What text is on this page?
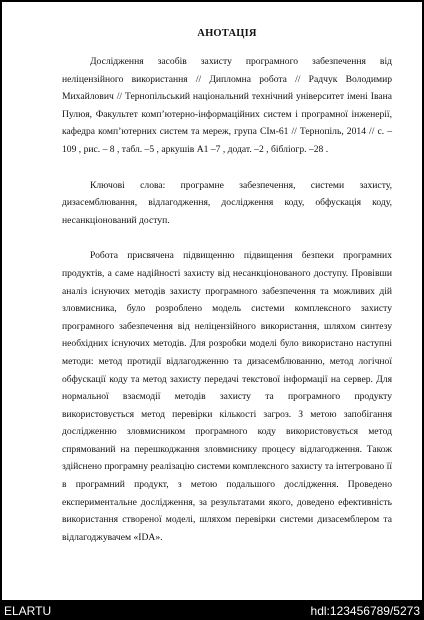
АНОТАЦІЯ

Дослідження засобів захисту програмного забезпечення від неліцензійного використання // Дипломна робота // Радчук Володимир Михайлович // Тернопільський національний технічний університет імені Івана Пулюя, Факультет комп’ютерно-інформаційних систем і програмної інженерії, кафедра комп’ютерних систем та мереж, група СІм-61 // Тернопіль, 2014 // с. – 109 , рис. – 8 , табл. –5 , аркушів А1 –7 , додат. –2 , бібліогр. –28 .

Ключові слова: програмне забезпечення, системи захисту, дизасемблювання, відлагодження, дослідження коду, обфускація коду, несанкціонований доступ.

Робота присвячена підвищенню підвищення безпеки програмних продуктів, а саме надійності захисту від несанкціонованого доступу. Провівши аналіз існуючих методів захисту програмного забезпечення та можливих дій зловмисника, було розроблено модель системи комплексного захисту програмного забезпечення від неліцензійного використання, шляхом синтезу необхідних існуючих методів. Для розробки моделі було використано наступні методи: метод протидії відлагодженню та дизасемблюванню, метод логічної обфускації коду та метод захисту передачі текстової інформації на сервер. Для нормальної взаємодії методів захисту та програмного продукту використовується метод перевірки кількості загроз. З метою запобігання дослідженню зловмисником програмного коду використовується метод спрямований на перешкоджання зловмиснику процесу відлагодження. Також здійснено програмну реалізацію системи комплексного захисту та інтегровано її в програмний продукт, з метою подальшого дослідження. Проведено експериментальне дослідження, за результатами якого, доведено ефективність використання створеної моделі, шляхом перевірки системи дизасемблером та відлагоджувачем «IDA».

ELARTU	hdl:123456789/5273
